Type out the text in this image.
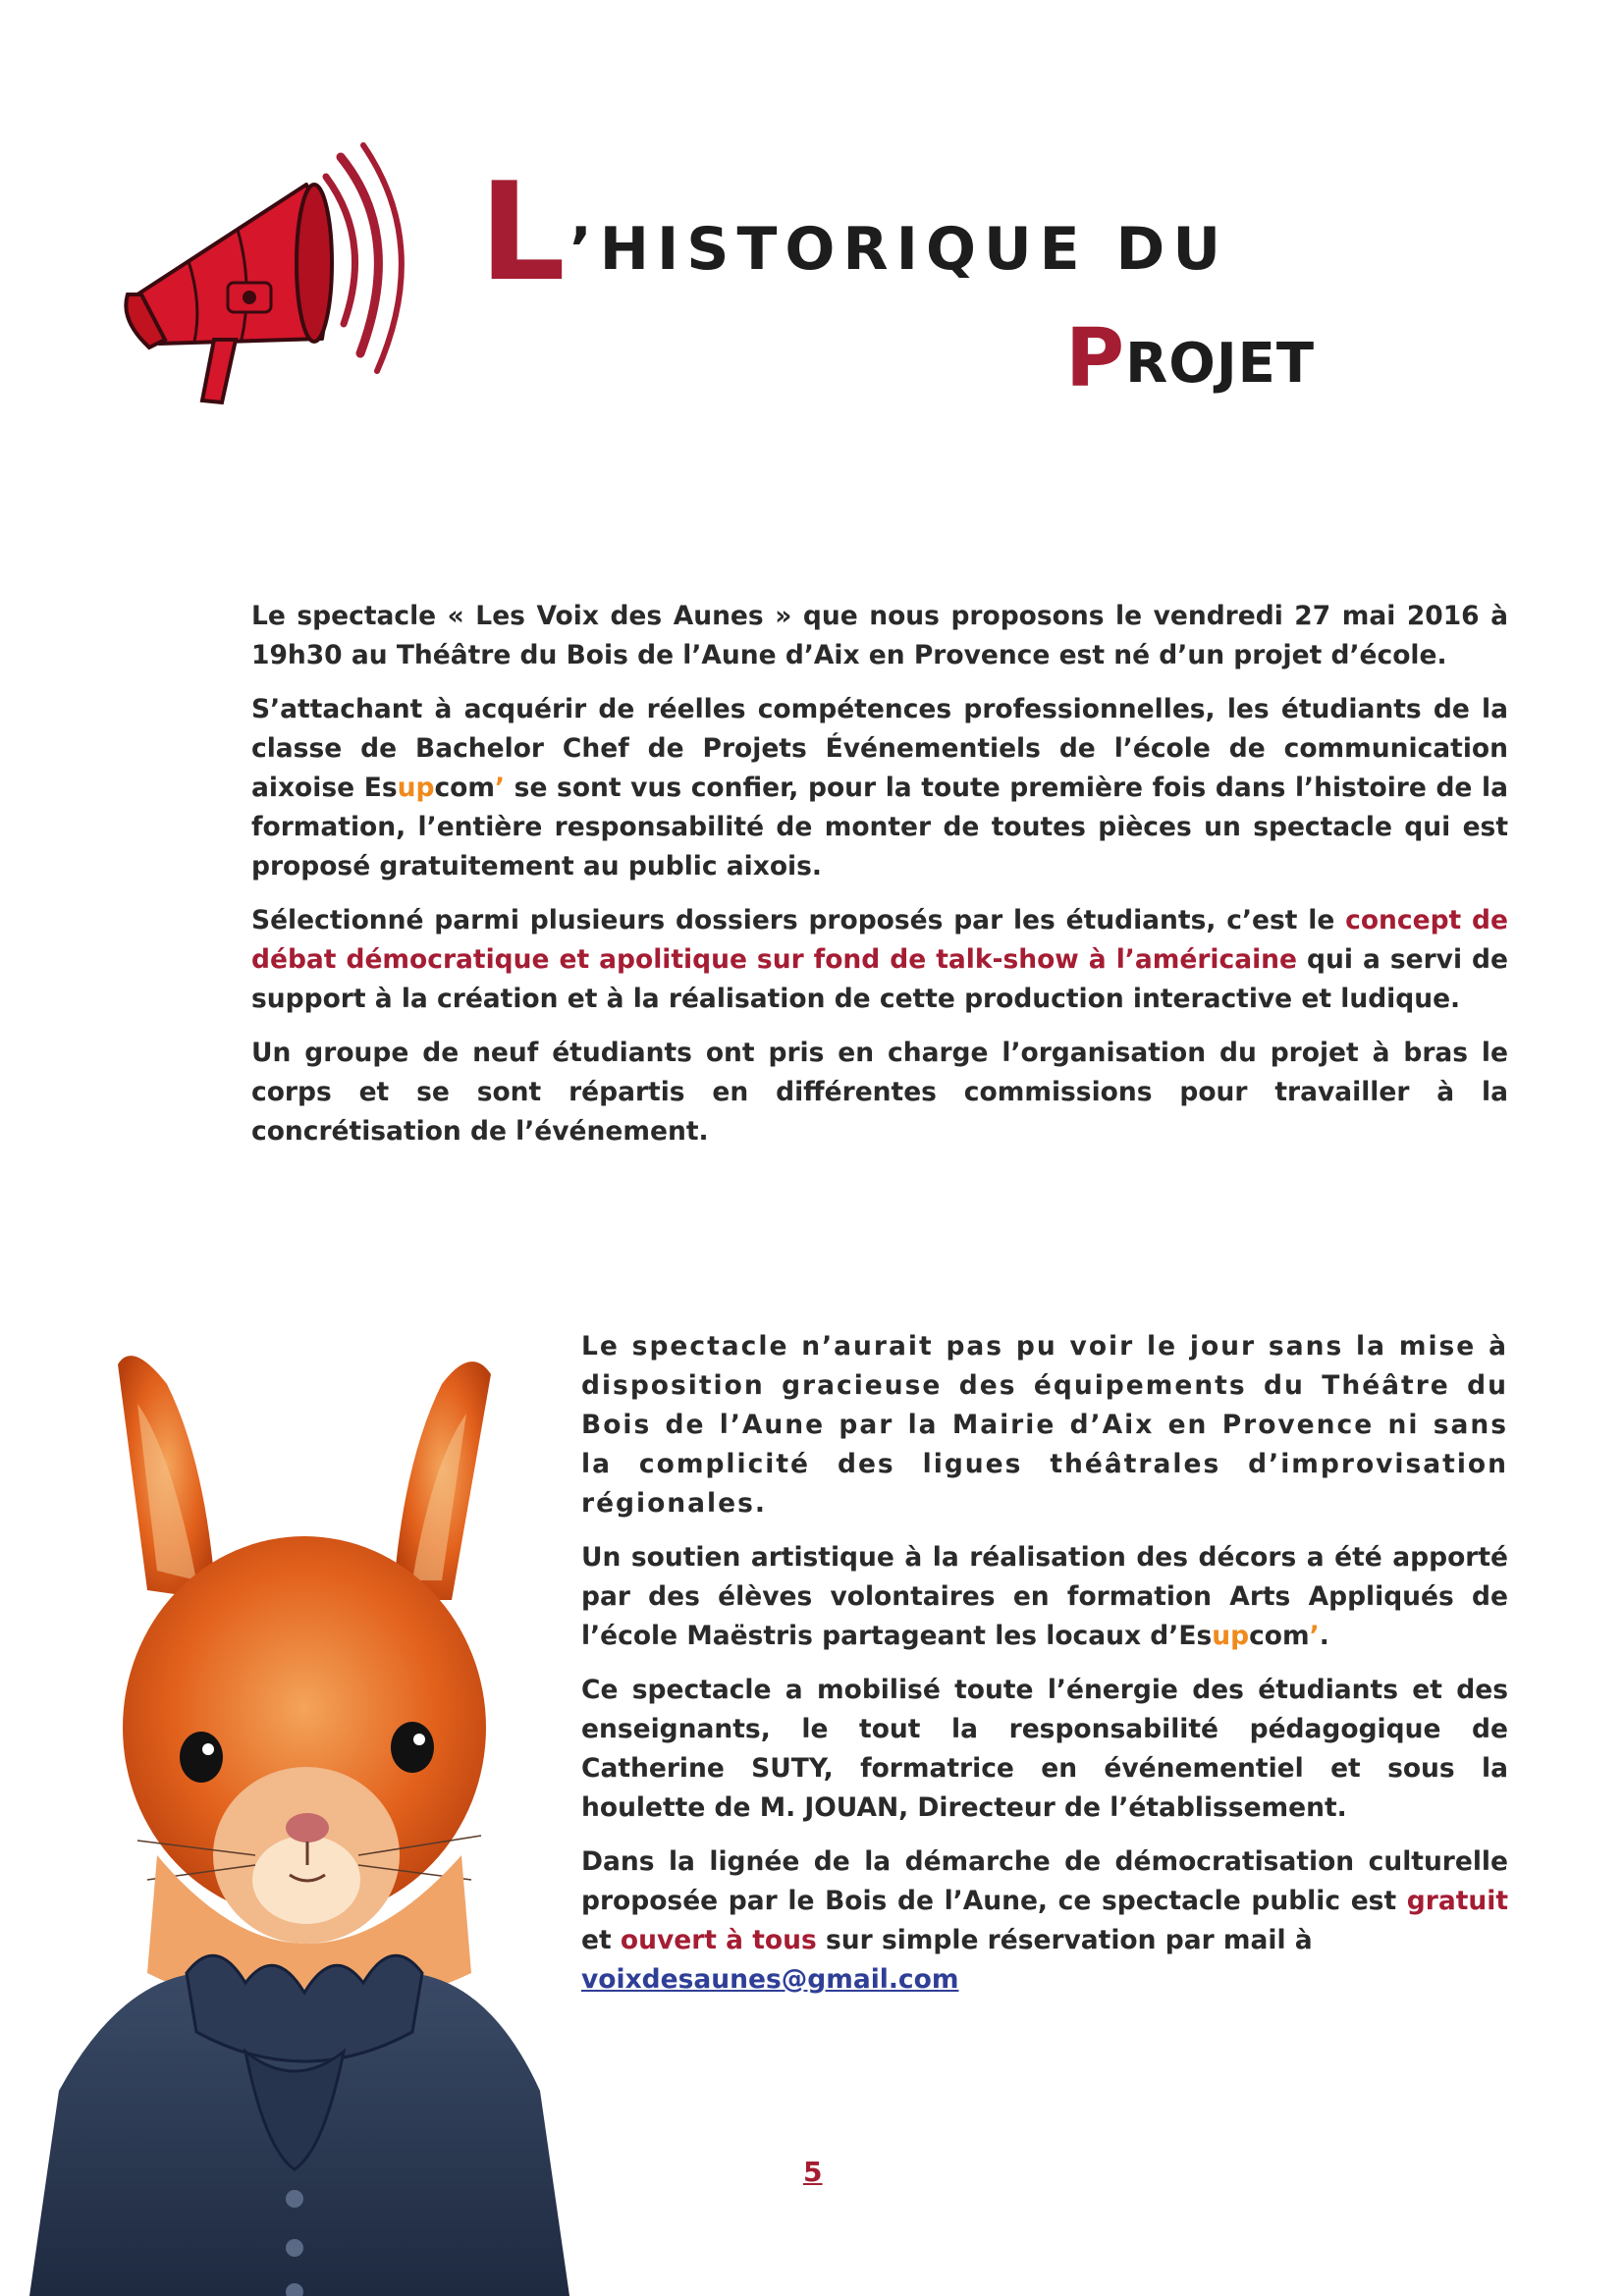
L’HISTORIQUE DU
PROJET

Le spectacle « Les Voix des Aunes » que nous proposons le vendredi 27 mai 2016 à 19h30 au Théâtre du Bois de l’Aune d’Aix en Provence est né d’un projet d’école.

S’attachant à acquérir de réelles compétences professionnelles, les étudiants de la classe de Bachelor Chef de Projets Événementiels de l’école de communication aixoise Esupcom’ se sont vus confier, pour la toute première fois dans l’histoire de la formation, l’entière responsabilité de monter de toutes pièces un spectacle qui est proposé gratuitement au public aixois.

Sélectionné parmi plusieurs dossiers proposés par les étudiants, c’est le concept de débat démocratique et apolitique sur fond de talk-show à l’américaine qui a servi de support à la création et à la réalisation de cette production interactive et ludique.

Un groupe de neuf étudiants ont pris en charge l’organisation du projet à bras le corps et se sont répartis en différentes commissions pour travailler à la concrétisation de l’événement.

Le spectacle n’aurait pas pu voir le jour sans la mise à disposition gracieuse des équipements du Théâtre du Bois de l’Aune par la Mairie d’Aix en Provence ni sans la complicité des ligues théâtrales d’improvisation régionales.

Un soutien artistique à la réalisation des décors a été apporté par des élèves volontaires en formation Arts Appliqués de l’école Maëstris partageant les locaux d’Esupcom’.

Ce spectacle a mobilisé toute l’énergie des étudiants et des enseignants, le tout la responsabilité pédagogique de Catherine SUTY, formatrice en événementiel et sous la houlette de M. JOUAN, Directeur de l’établissement.

Dans la lignée de la démarche de démocratisation culturelle proposée par le Bois de l’Aune, ce spectacle public est gratuit et ouvert à tous sur simple réservation par mail à
voixdesaunes@gmail.com

5
